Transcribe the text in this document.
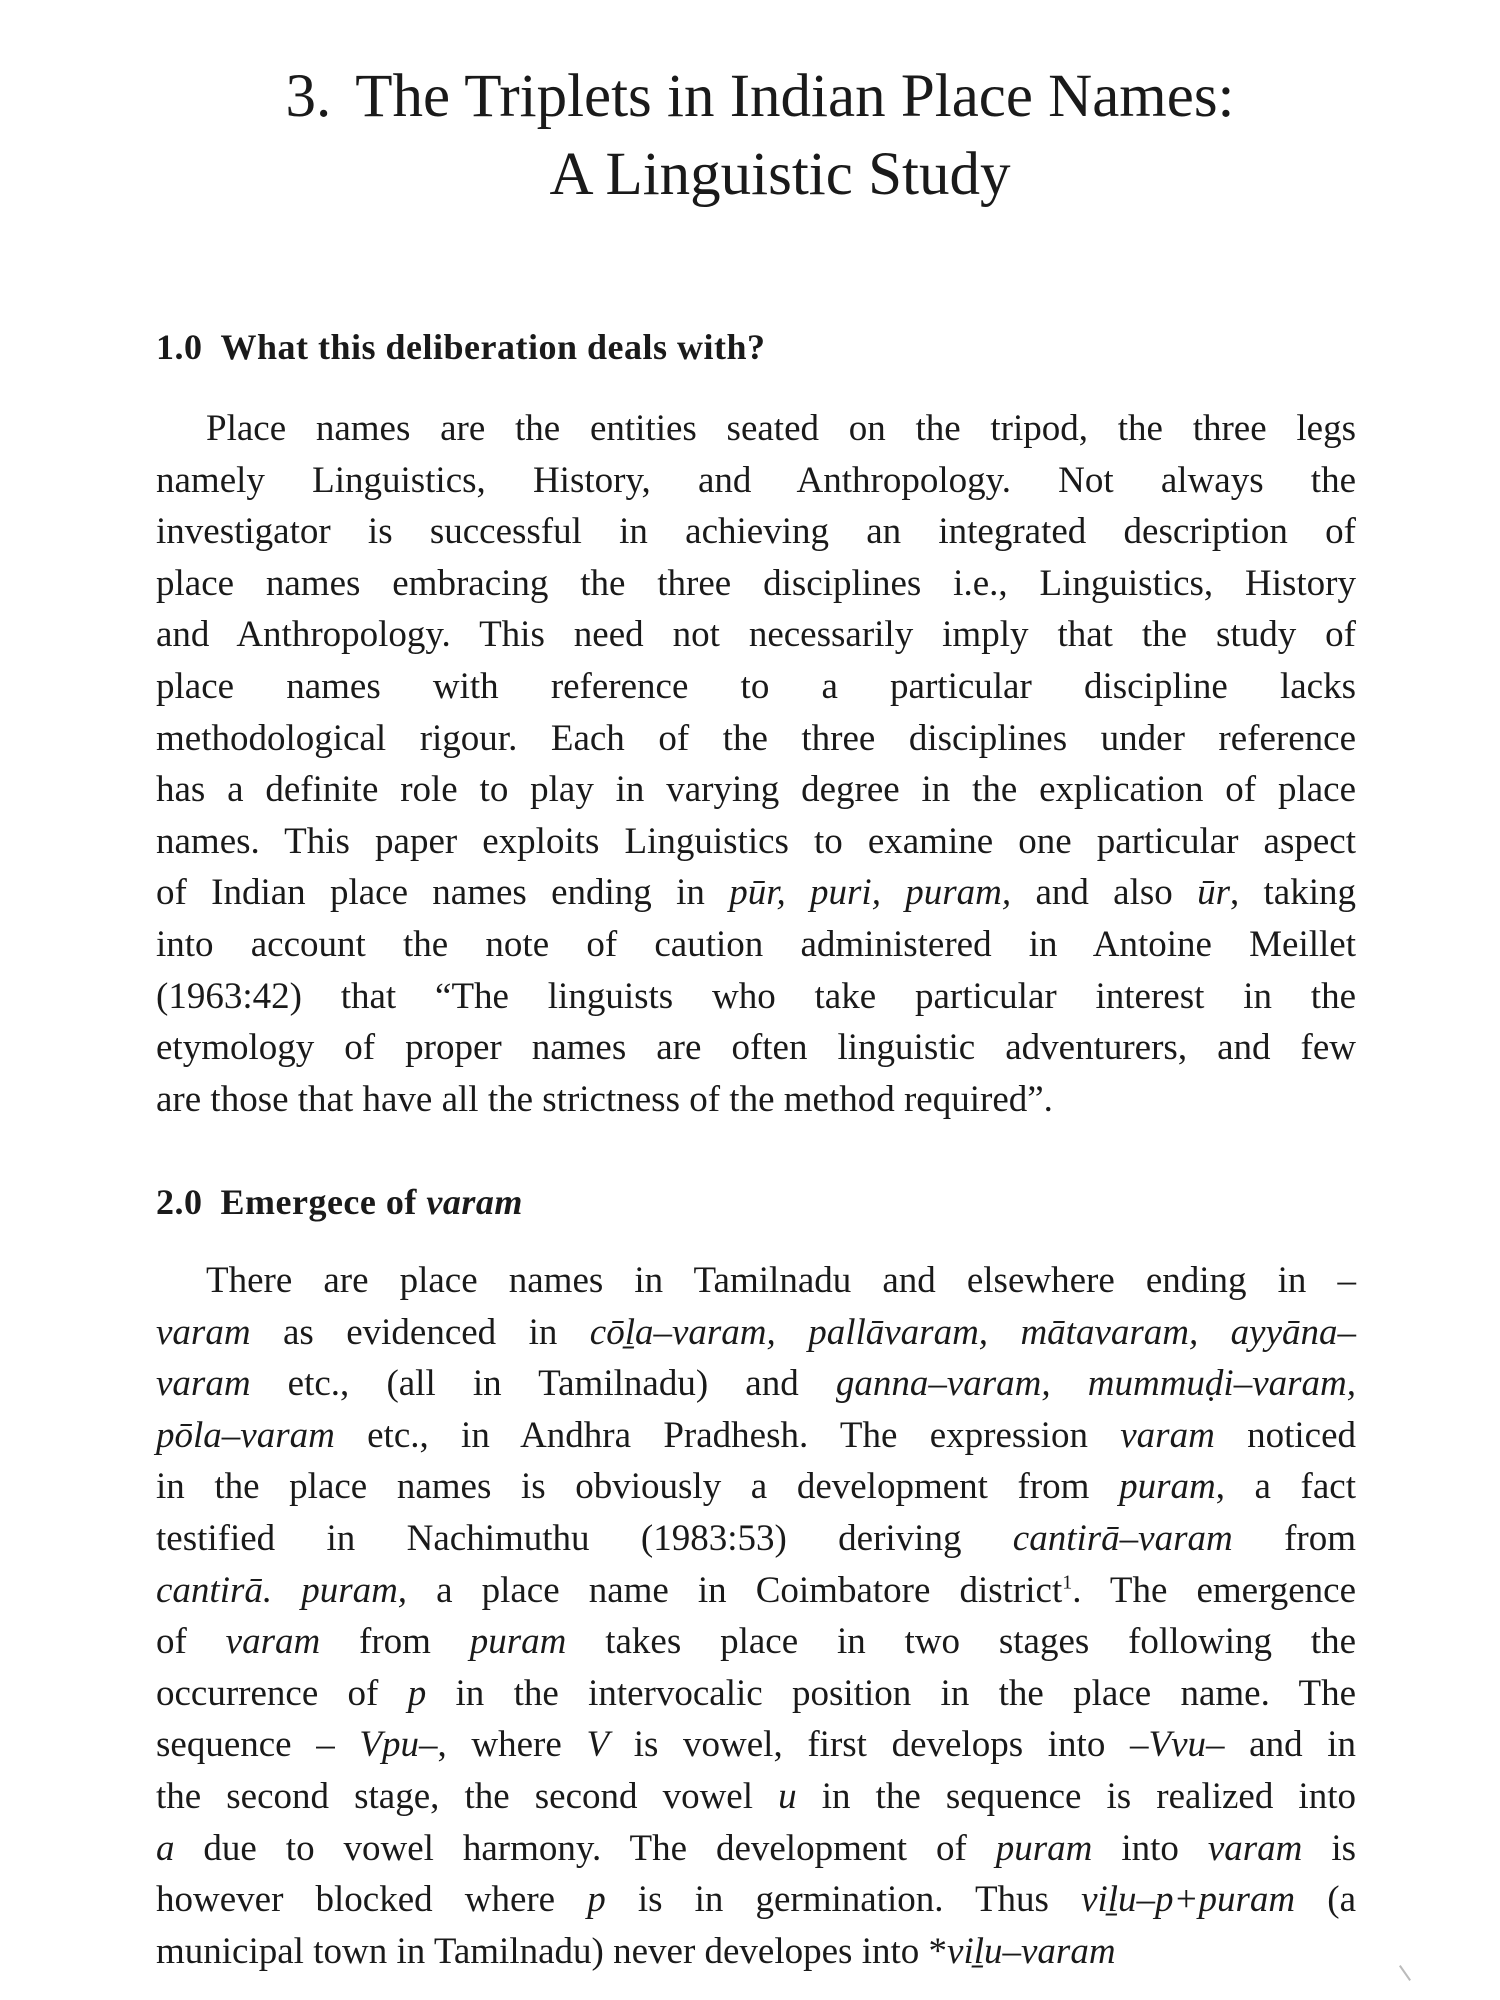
3. The Triplets in Indian Place Names:
A Linguistic Study
1.0 What this deliberation deals with?
Place names are the entities seated on the tripod, the three legs
namely Linguistics, History, and Anthropology. Not always the
investigator is successful in achieving an integrated description of
place names embracing the three disciplines i.e., Linguistics, History
and Anthropology. This need not necessarily imply that the study of
place names with reference to a particular discipline lacks
methodological rigour. Each of the three disciplines under reference
has a definite role to play in varying degree in the explication of place
names. This paper exploits Linguistics to examine one particular aspect
of Indian place names ending in pūr, puri, puram, and also ūr, taking
into account the note of caution administered in Antoine Meillet
(1963:42) that “The linguists who take particular interest in the
etymology of proper names are often linguistic adventurers, and few
are those that have all the strictness of the method required”.
2.0 Emergece of varam
There are place names in Tamilnadu and elsewhere ending in –
varam as evidenced in cōḻa–varam, pallāvaram, mātavaram, ayyāna–
varam etc., (all in Tamilnadu) and ganna–varam, mummuḍi–varam,
pōla–varam etc., in Andhra Pradhesh. The expression varam noticed
in the place names is obviously a development from puram, a fact
testified in Nachimuthu (1983:53) deriving cantirā–varam from
cantirā. puram, a place name in Coimbatore district$^1$. The emergence
of varam from puram takes place in two stages following the
occurrence of p in the intervocalic position in the place name. The
sequence – Vpu–, where V is vowel, first develops into –Vvu– and in
the second stage, the second vowel u in the sequence is realized into
a due to vowel harmony. The development of puram into varam is
however blocked where p is in germination. Thus viḻu–p+puram (a
municipal town in Tamilnadu) never developes into *viḻu–varam
